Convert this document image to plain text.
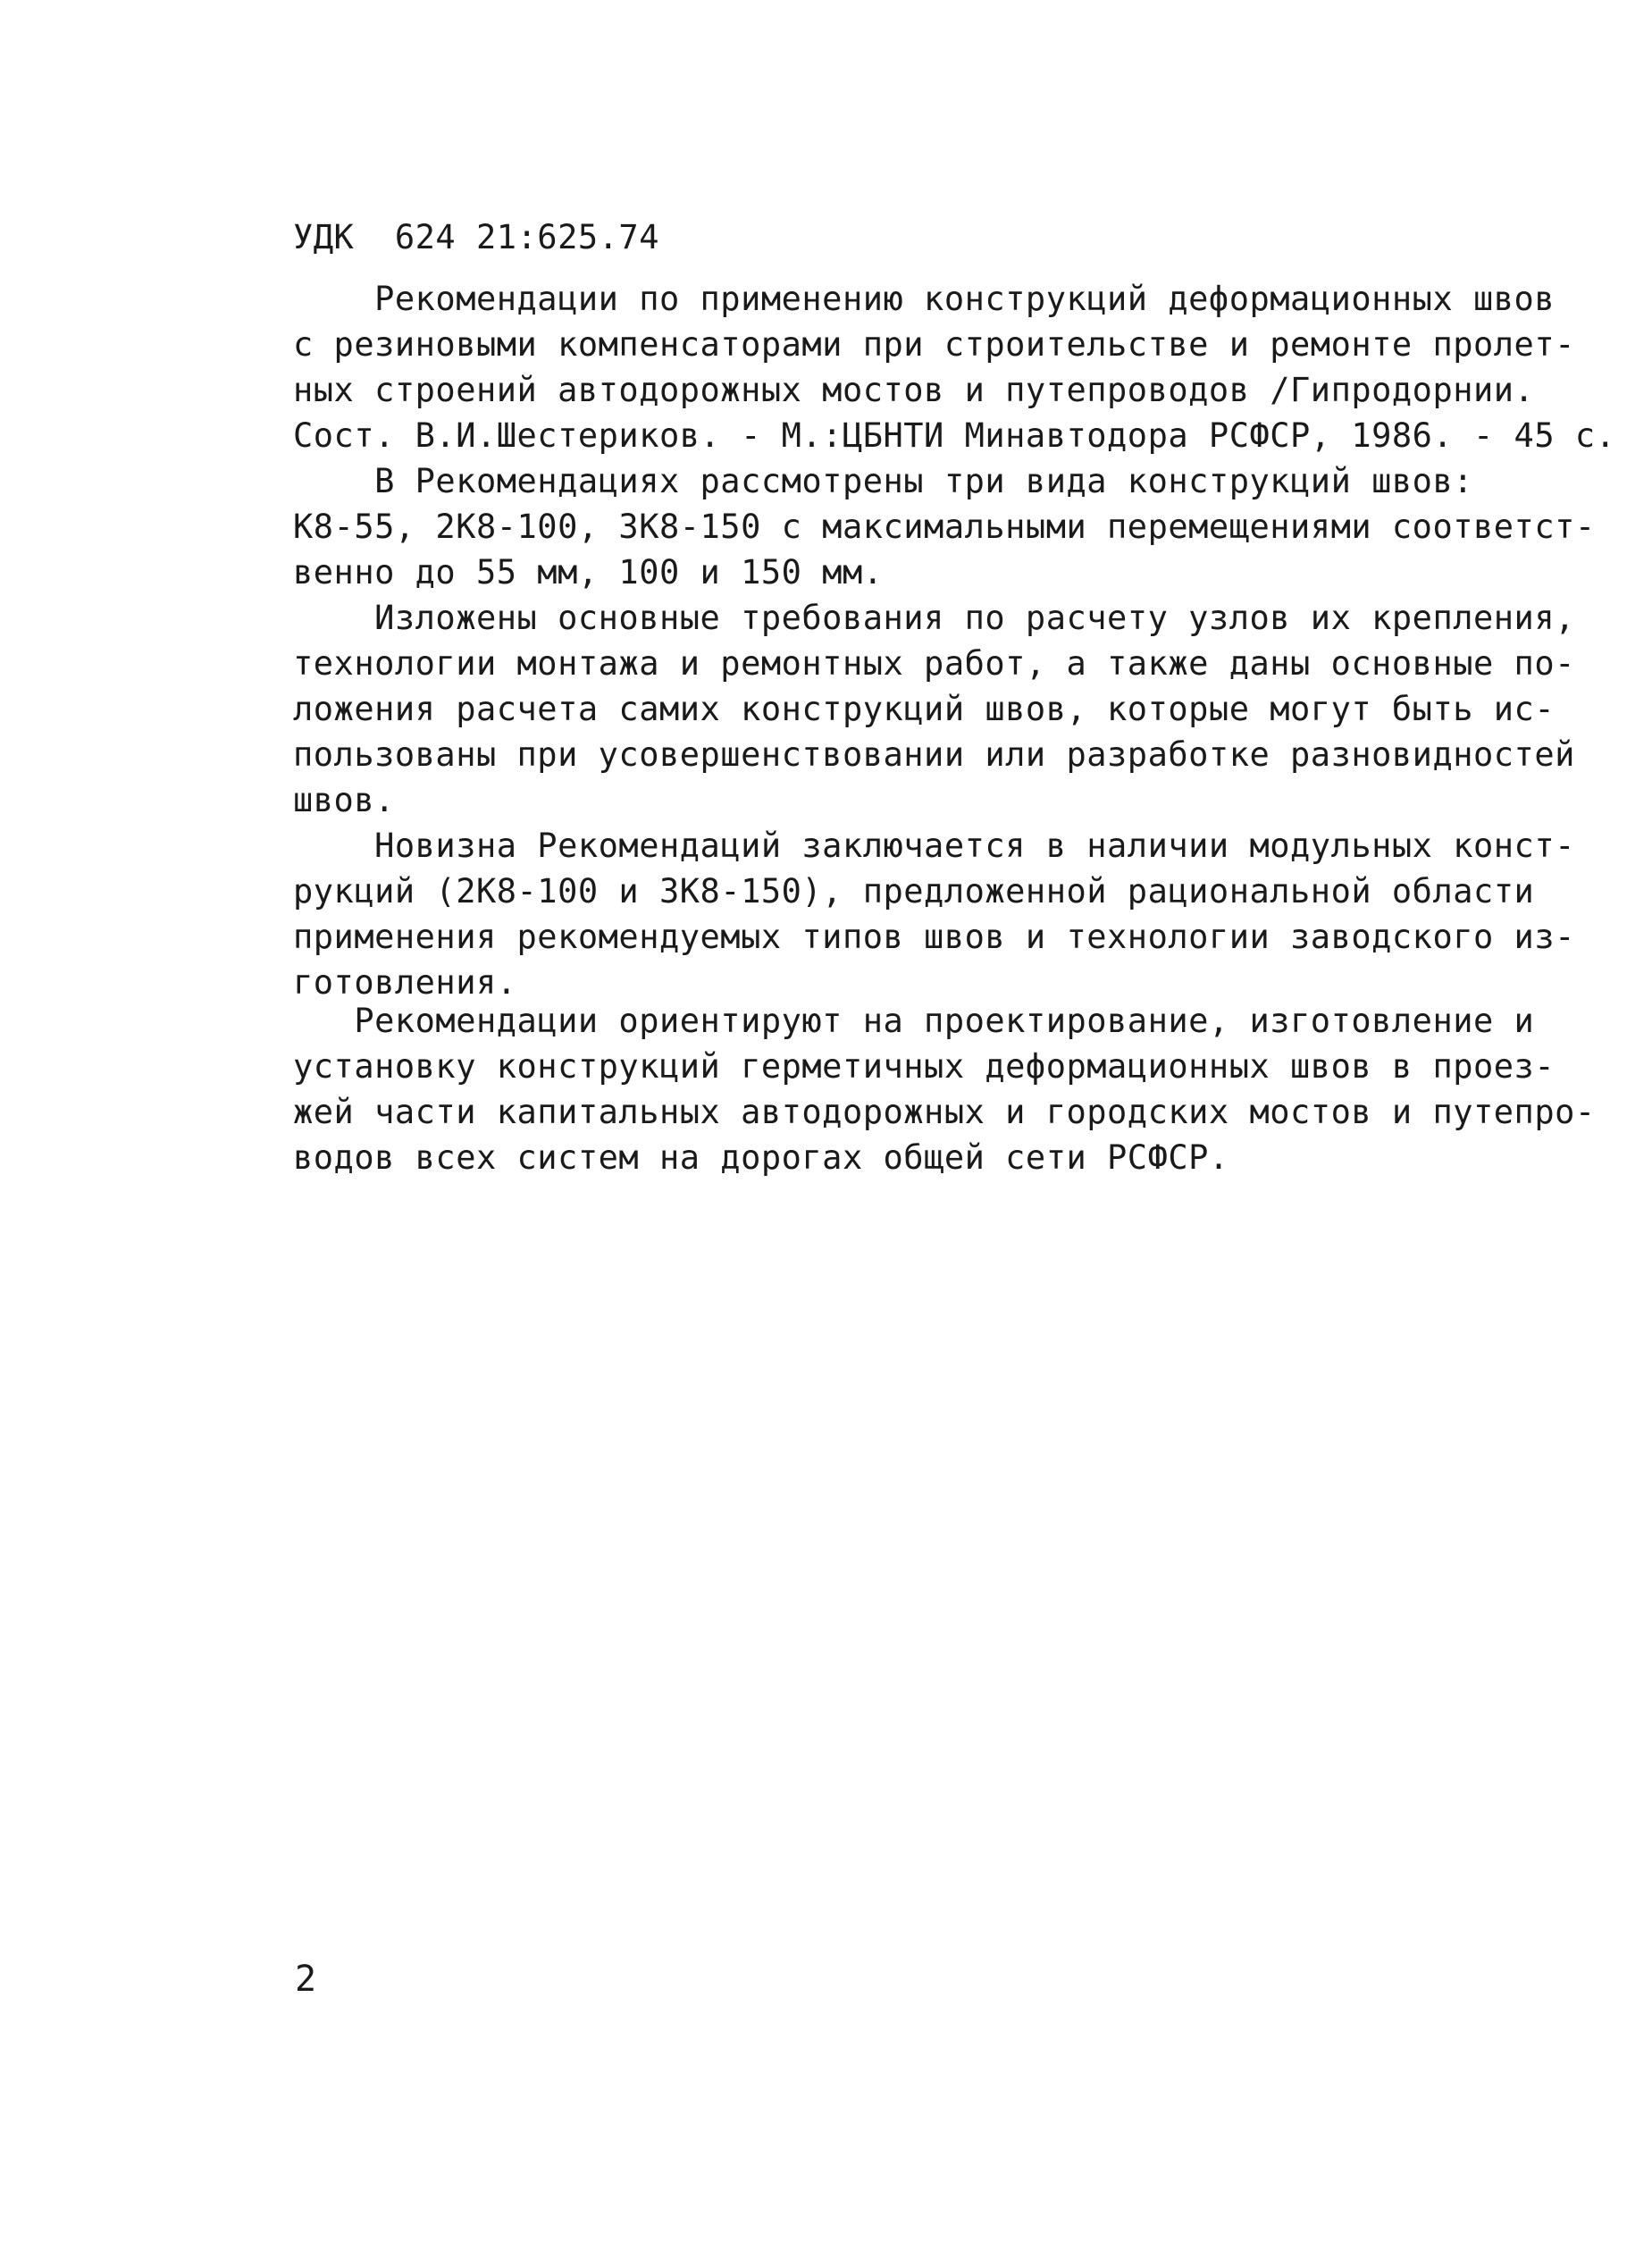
УДК  624 21:625.74
Рекомендации по применению конструкций деформационных швов
с резиновыми компенсаторами при строительстве и ремонте пролет-
ных строений автодорожных мостов и путепроводов /Гипродорнии.
Сост. В.И.Шестериков. - М.:ЦБНТИ Минавтодора РСФСР, 1986. - 45 с.
В Рекомендациях рассмотрены три вида конструкций швов:
К8-55, 2К8-100, 3К8-150 с максимальными перемещениями соответст-
венно до 55 мм, 100 и 150 мм.
Изложены основные требования по расчету узлов их крепления,
технологии монтажа и ремонтных работ, а также даны основные по-
ложения расчета самих конструкций швов, которые могут быть ис-
пользованы при усовершенствовании или разработке разновидностей
швов.
Новизна Рекомендаций заключается в наличии модульных конст-
рукций (2К8-100 и 3К8-150), предложенной рациональной области
применения рекомендуемых типов швов и технологии заводского из-
готовления.
Рекомендации ориентируют на проектирование, изготовление и
установку конструкций герметичных деформационных швов в проез-
жей части капитальных автодорожных и городских мостов и путепро-
водов всех систем на дорогах общей сети РСФСР.
2
